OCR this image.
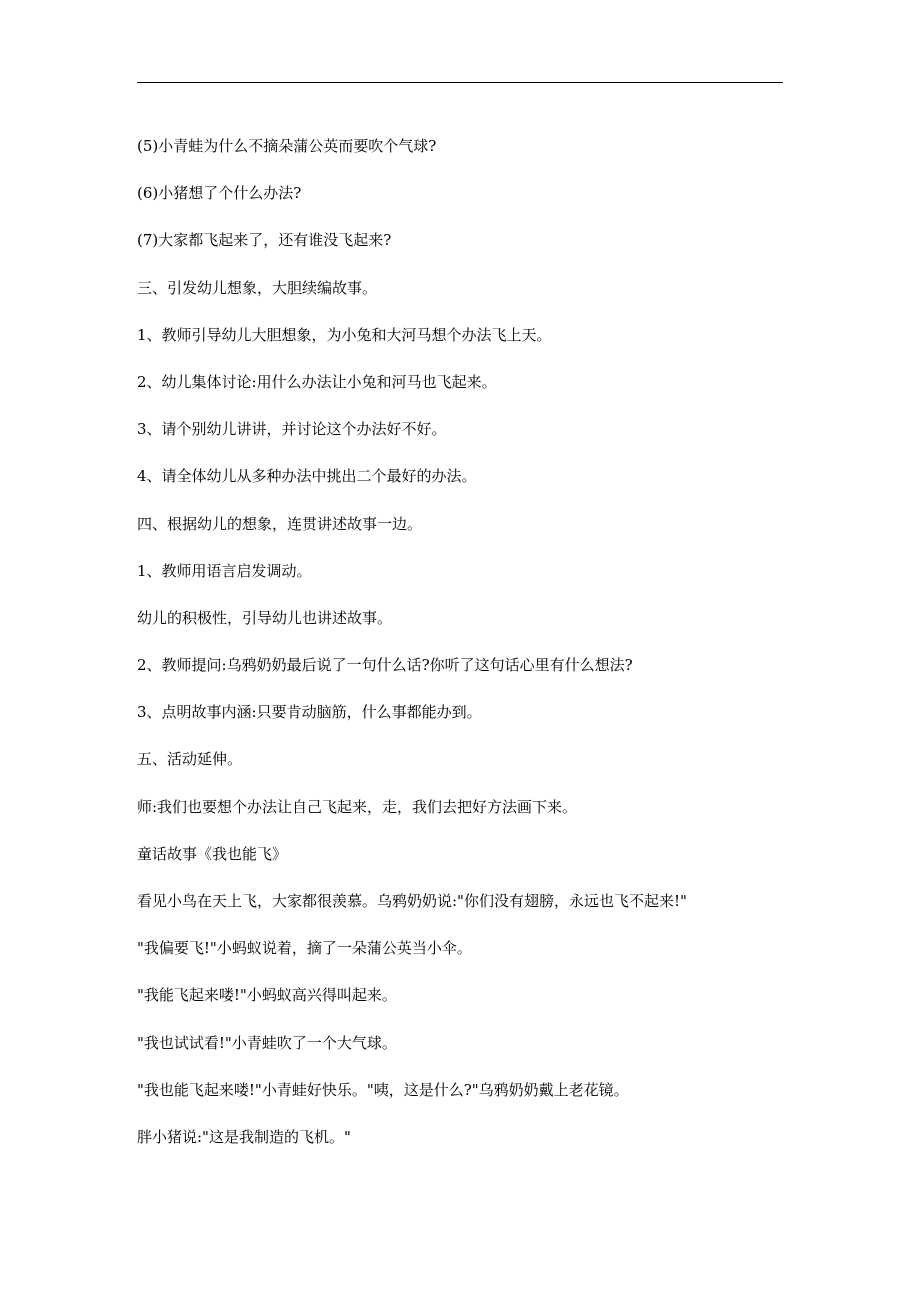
(5)小青蛙为什么不摘朵蒲公英而要吹个气球?
(6)小猪想了个什么办法?
(7)大家都飞起来了，还有谁没飞起来?
三、引发幼儿想象，大胆续编故事。
1、教师引导幼儿大胆想象，为小兔和大河马想个办法飞上天。
2、幼儿集体讨论:用什么办法让小兔和河马也飞起来。
3、请个别幼儿讲讲，并讨论这个办法好不好。
4、请全体幼儿从多种办法中挑出二个最好的办法。
四、根据幼儿的想象，连贯讲述故事一边。
1、教师用语言启发调动。
幼儿的积极性，引导幼儿也讲述故事。
2、教师提问:乌鸦奶奶最后说了一句什么话?你听了这句话心里有什么想法?
3、点明故事内涵:只要肯动脑筋，什么事都能办到。
五、活动延伸。
师:我们也要想个办法让自己飞起来，走，我们去把好方法画下来。
童话故事《我也能飞》
看见小鸟在天上飞，大家都很羡慕。乌鸦奶奶说:"你们没有翅膀，永远也飞不起来!"
"我偏要飞!"小蚂蚁说着，摘了一朵蒲公英当小伞。
"我能飞起来喽!"小蚂蚁高兴得叫起来。
"我也试试看!"小青蛙吹了一个大气球。
"我也能飞起来喽!"小青蛙好快乐。"咦，这是什么?"乌鸦奶奶戴上老花镜。
胖小猪说:"这是我制造的飞机。"
